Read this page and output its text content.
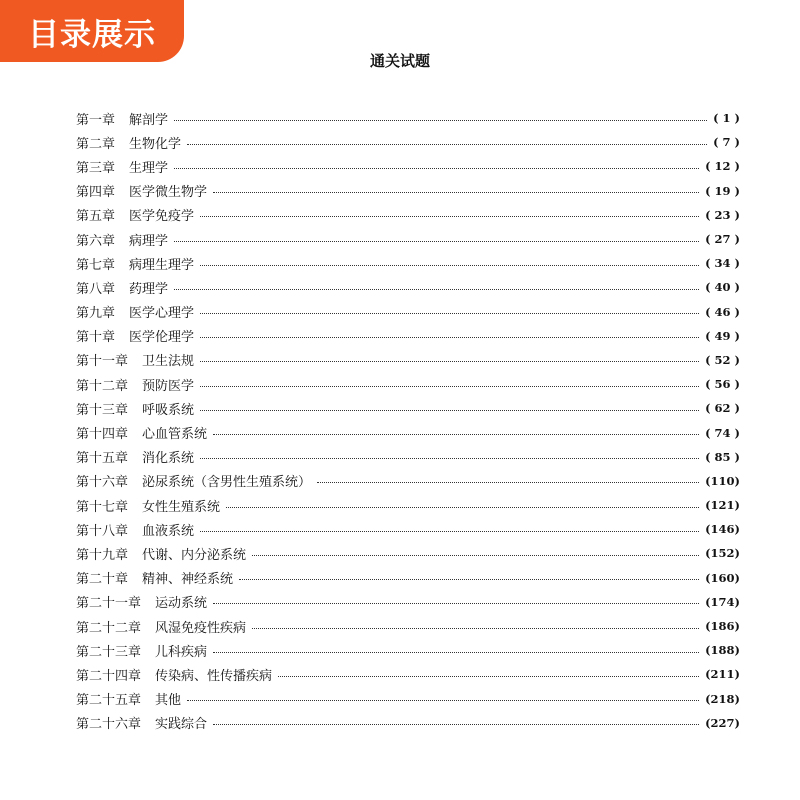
目录展示
通关试题
第一章 解剖学	( 1 )
第二章 生物化学	( 7 )
第三章 生理学	( 12 )
第四章 医学微生物学	( 19 )
第五章 医学免疫学	( 23 )
第六章 病理学	( 27 )
第七章 病理生理学	( 34 )
第八章 药理学	( 40 )
第九章 医学心理学	( 46 )
第十章 医学伦理学	( 49 )
第十一章 卫生法规	( 52 )
第十二章 预防医学	( 56 )
第十三章 呼吸系统	( 62 )
第十四章 心血管系统	( 74 )
第十五章 消化系统	( 85 )
第十六章 泌尿系统（含男性生殖系统）	(110)
第十七章 女性生殖系统	(121)
第十八章 血液系统	(146)
第十九章 代谢、内分泌系统	(152)
第二十章 精神、神经系统	(160)
第二十一章 运动系统	(174)
第二十二章 风湿免疫性疾病	(186)
第二十三章 儿科疾病	(188)
第二十四章 传染病、性传播疾病	(211)
第二十五章 其他	(218)
第二十六章 实践综合	(227)
